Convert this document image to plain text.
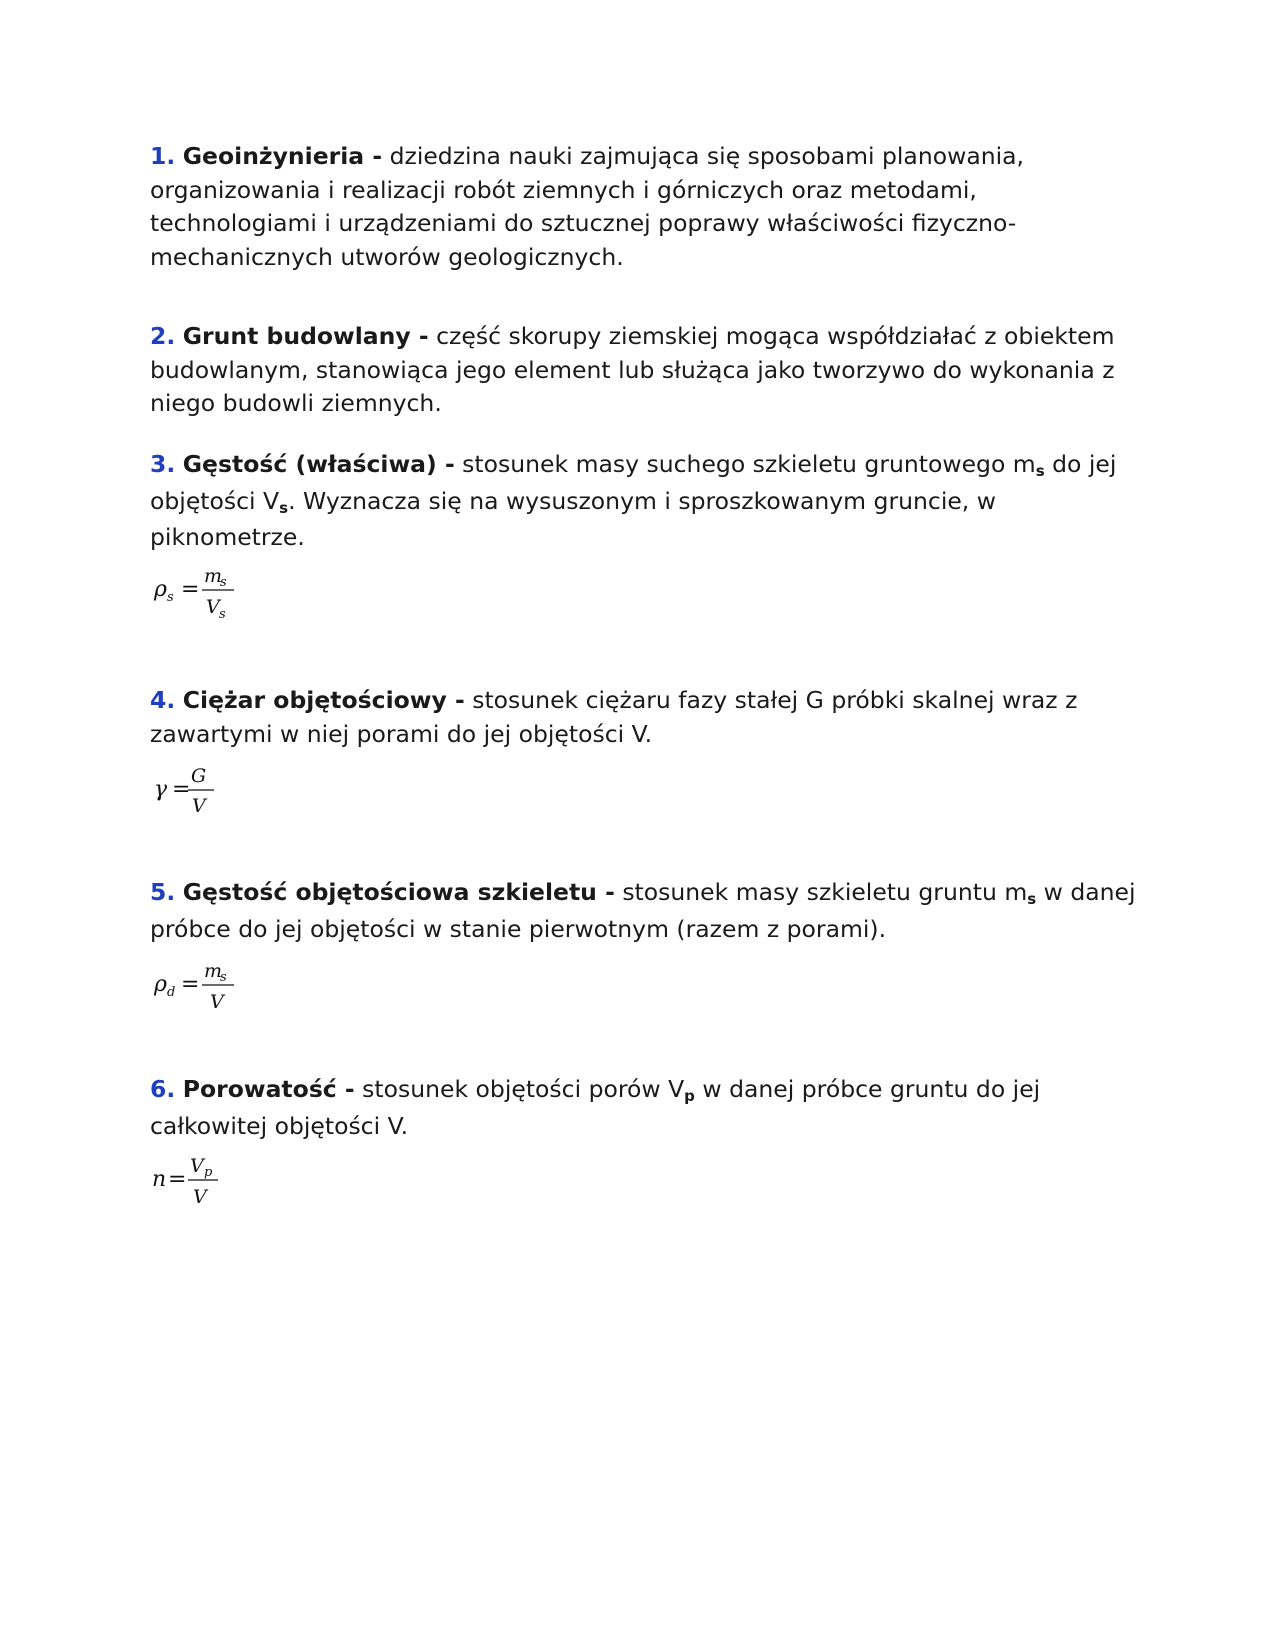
1. Geoinżynieria - dziedzina nauki zajmująca się sposobami planowania, organizowania i realizacji robót ziemnych i górniczych oraz metodami, technologiami i urządzeniami do sztucznej poprawy właściwości fizyczno-mechanicznych utworów geologicznych.

2. Grunt budowlany - część skorupy ziemskiej mogąca współdziałać z obiektem budowlanym, stanowiąca jego element lub służąca jako tworzywo do wykonania z niego budowli ziemnych.

3. Gęstość (właściwa) - stosunek masy suchego szkieletu gruntowego ms do jej objętości Vs. Wyznacza się na wysuszonym i sproszkowanym gruncie, w piknometrze.

ρ s =
m
s
V s

4. Ciężar objętościowy - stosunek ciężaru fazy stałej G próbki skalnej wraz z zawartymi w niej porami do jej objętości V.

γ =
G
V

5. Gęstość objętościowa szkieletu - stosunek masy szkieletu gruntu ms w danej próbce do jej objętości w stanie pierwotnym (razem z porami).

ρ d =
m
s
V

6. Porowatość - stosunek objętości porów Vp w danej próbce gruntu do jej całkowitej objętości V.

n =
V p
V
